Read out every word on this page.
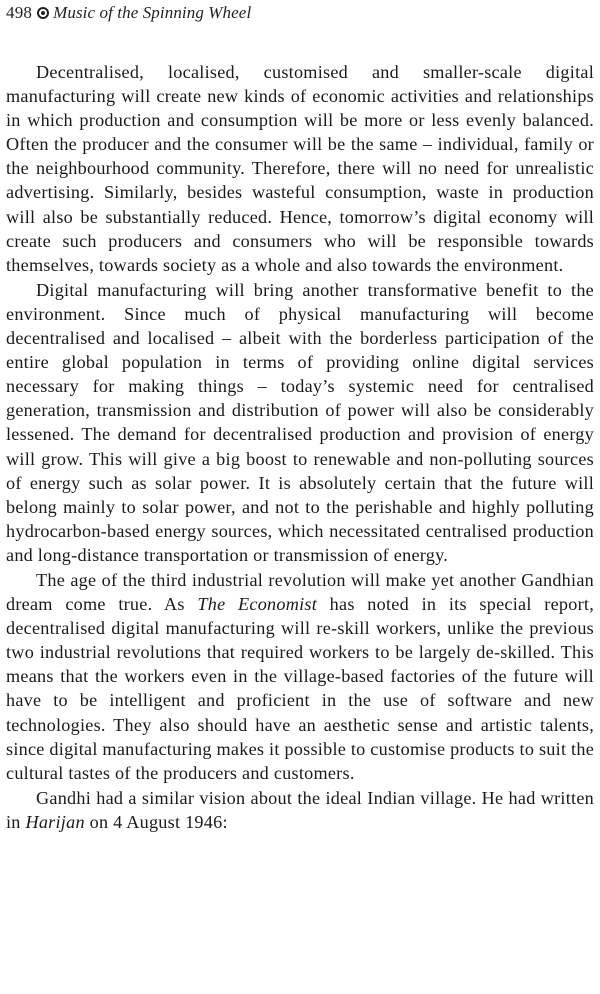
498 Music of the Spinning Wheel

Decentralised, localised, customised and smaller-scale digital manufacturing will create new kinds of economic activities and relationships in which production and consumption will be more or less evenly balanced. Often the producer and the consumer will be the same – individual, family or the neighbourhood community. Therefore, there will no need for unrealistic advertising. Similarly, besides wasteful consumption, waste in production will also be substantially reduced. Hence, tomorrow’s digital economy will create such producers and consumers who will be responsible towards themselves, towards society as a whole and also towards the environment.

Digital manufacturing will bring another transformative benefit to the environment. Since much of physical manufacturing will become decentralised and localised – albeit with the borderless participation of the entire global population in terms of providing online digital services necessary for making things – today’s systemic need for centralised generation, transmission and distribution of power will also be considerably lessened. The demand for decentralised production and provision of energy will grow. This will give a big boost to renewable and non-polluting sources of energy such as solar power. It is absolutely certain that the future will belong mainly to solar power, and not to the perishable and highly polluting hydrocarbon-based energy sources, which necessitated centralised production and long-distance transportation or transmission of energy.

The age of the third industrial revolution will make yet another Gandhian dream come true. As The Economist has noted in its special report, decentralised digital manufacturing will re-skill workers, unlike the previous two industrial revolutions that required workers to be largely de-skilled. This means that the workers even in the village-based factories of the future will have to be intelligent and proficient in the use of software and new technologies. They also should have an aesthetic sense and artistic talents, since digital manufacturing makes it possible to customise products to suit the cultural tastes of the producers and customers.

Gandhi had a similar vision about the ideal Indian village. He had written in Harijan on 4 August 1946:
